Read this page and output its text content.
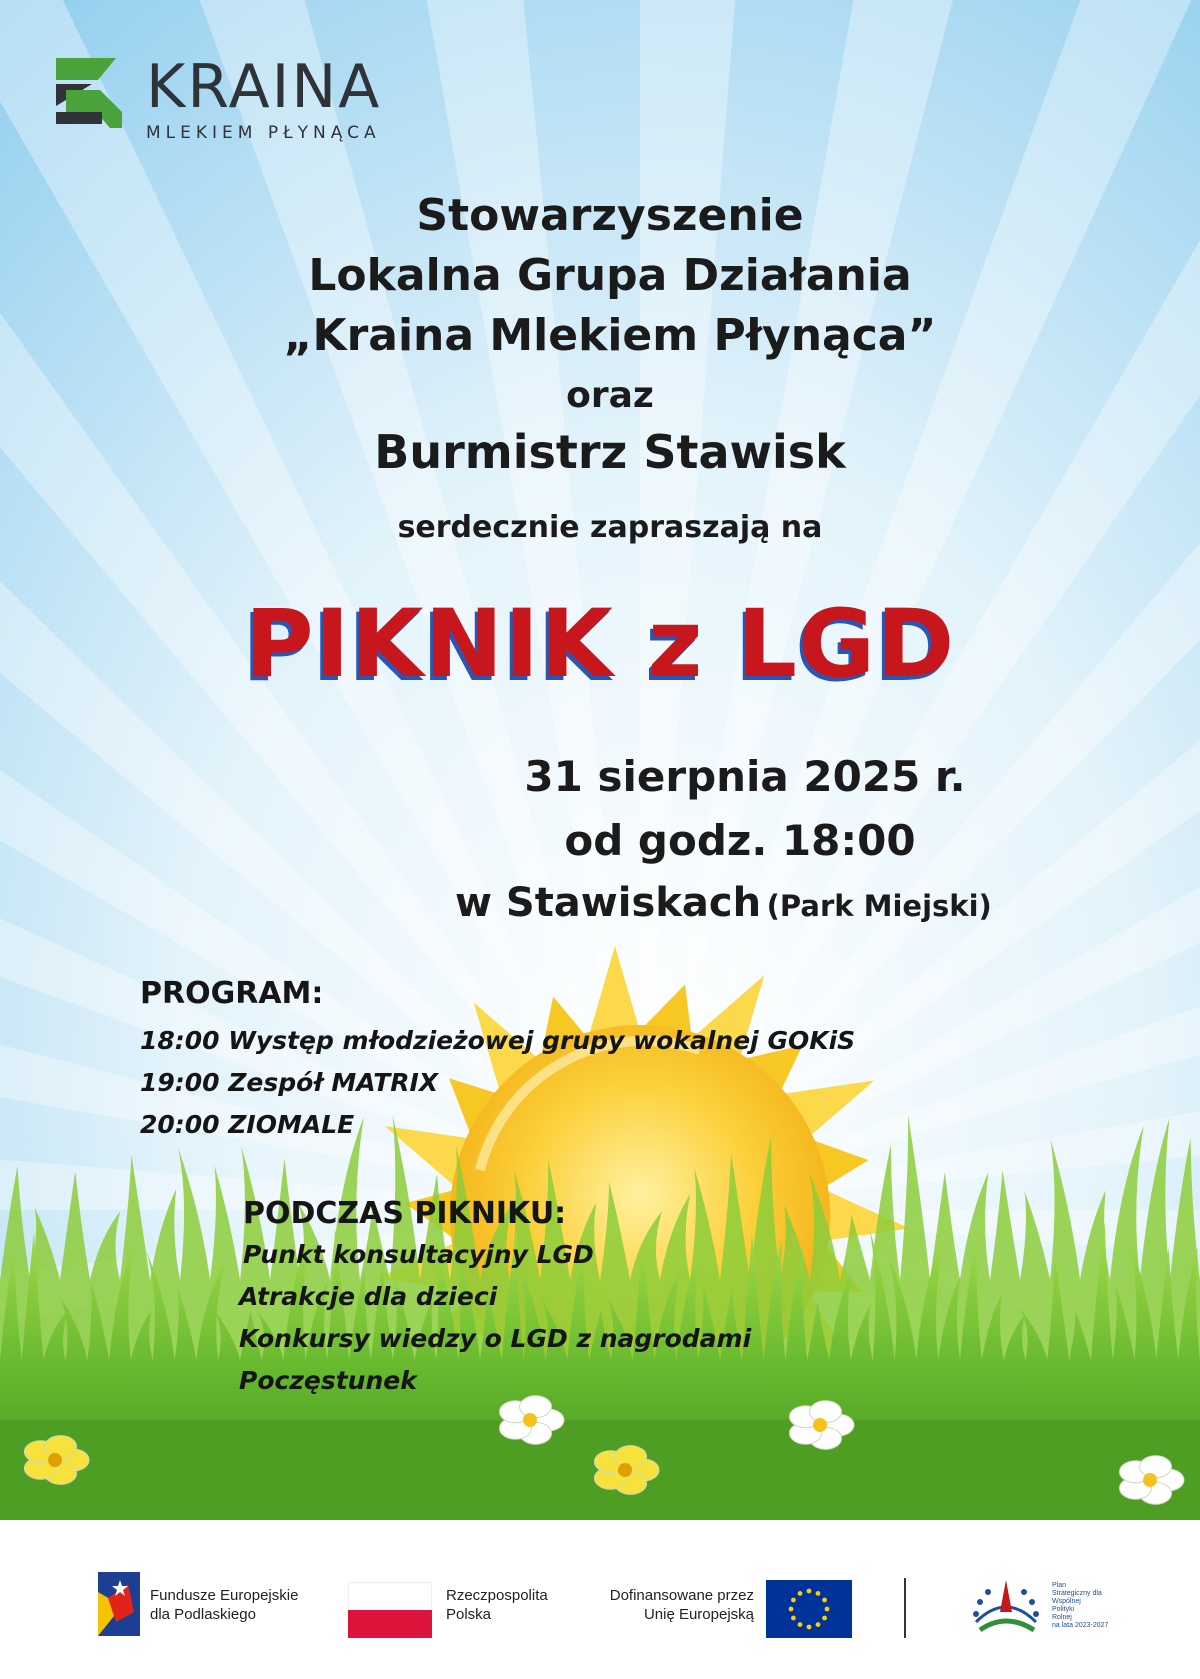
KRAINA
MLEKIEM PŁYNĄCA
Stowarzyszenie
Lokalna Grupa Działania
„Kraina Mlekiem Płynąca”
oraz
Burmistrz Stawisk
serdecznie zapraszają na
PIKNIK z LGD
31 sierpnia 2025 r.
od godz. 18:00
w Stawiskach (Park Miejski)
PROGRAM:
18:00 Występ młodzieżowej grupy wokalnej GOKiS
19:00 Zespół MATRIX
20:00 ZIOMALE
PODCZAS PIKNIKU:
Punkt konsultacyjny LGD
Atrakcje dla dzieci
Konkursy wiedzy o LGD z nagrodami
Poczęstunek
Fundusze Europejskie
dla Podlaskiego
Rzeczpospolita
Polska
Dofinansowane przez
Unię Europejską
Plan
Strategiczny dla
Wspólnej
Polityki
Rolnej
na lata 2023-2027
